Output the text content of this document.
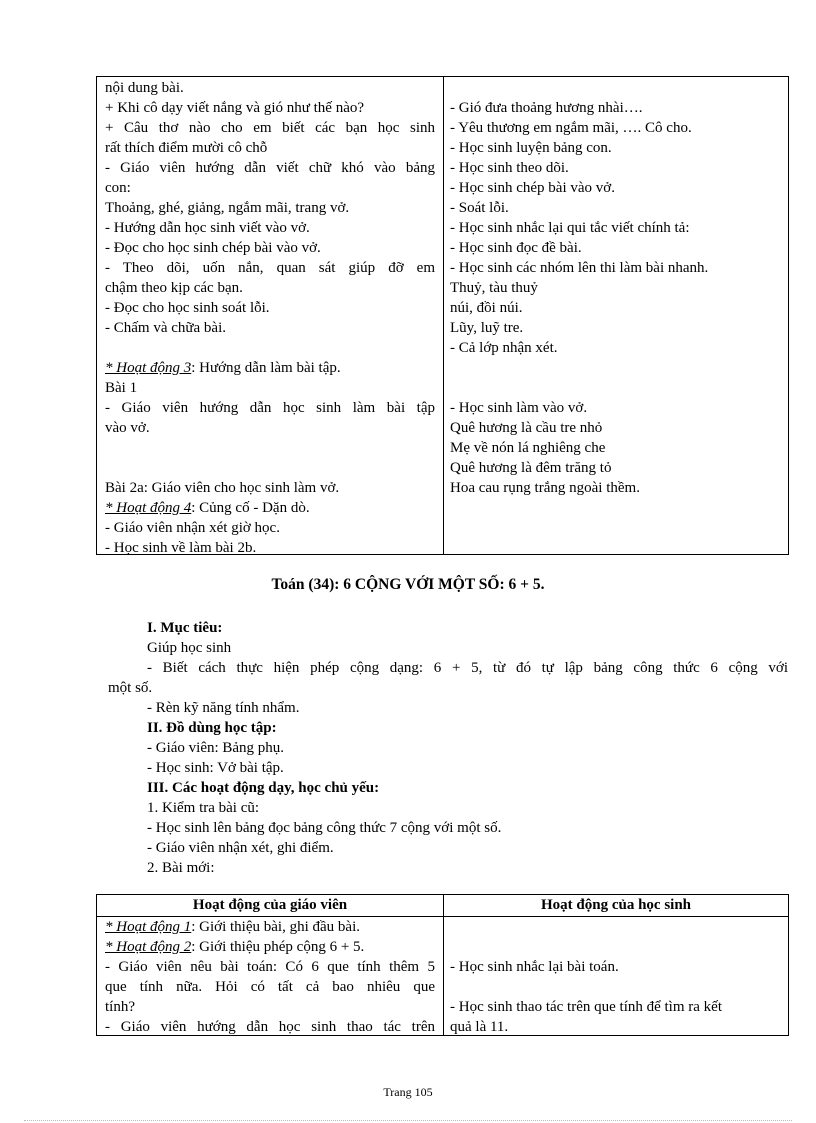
nội dung bài.
+ Khi cô dạy viết nắng và gió như thế nào?
+ Câu thơ nào cho em biết các bạn học sinh
rất thích điểm mười cô chỗ
- Giáo viên hướng dẫn viết chữ khó vào bảng
con:
Thoảng, ghé, giảng, ngắm mãi, trang vở.
- Hướng dẫn học sinh viết vào vở.
- Đọc cho học sinh chép bài vào vở.
- Theo dõi, uốn nắn, quan sát giúp đỡ em
chậm theo kịp các bạn.
- Đọc cho học sinh soát lỗi.
- Chấm và chữa bài.
* Hoạt động 3: Hướng dẫn làm bài tập.
Bài 1
- Giáo viên hướng dẫn học sinh làm bài tập
vào vở.
Bài 2a: Giáo viên cho học sinh làm vở.
* Hoạt động 4: Củng cố - Dặn dò.
- Giáo viên nhận xét giờ học.
- Học sinh về làm bài 2b.
- Gió đưa thoảng hương nhài….
- Yêu thương em ngắm mãi, …. Cô cho.
- Học sinh luyện bảng con.
- Học sinh theo dõi.
- Học sinh chép bài vào vở.
- Soát lỗi.
- Học sinh nhắc lại qui tắc viết chính tả:
- Học sinh đọc đề bài.
- Học sinh các nhóm lên thi làm bài nhanh.
Thuỷ, tàu thuỷ
núi, đồi núi.
Lũy, luỹ tre.
- Cả lớp nhận xét.
- Học sinh làm vào vở.
Quê hương là cầu tre nhỏ
Mẹ về nón lá nghiêng che
Quê hương là đêm trăng tỏ
Hoa cau rụng trắng ngoài thềm.
Toán (34): 6 CỘNG VỚI MỘT SỐ: 6 + 5.
I. Mục tiêu:
Giúp học sinh
- Biết cách thực hiện phép cộng dạng: 6 + 5, từ đó tự lập bảng công thức 6 cộng với
một số.
- Rèn kỹ năng tính nhẩm.
II. Đồ dùng học tập:
- Giáo viên: Bảng phụ.
- Học sinh: Vở bài tập.
III. Các hoạt động dạy, học chủ yếu:
1. Kiểm tra bài cũ:
- Học sinh lên bảng đọc bảng công thức 7 cộng với một số.
- Giáo viên nhận xét, ghi điểm.
2. Bài mới:
Hoạt động của giáo viên	Hoạt động của học sinh
* Hoạt động 1: Giới thiệu bài, ghi đầu bài.
* Hoạt động 2: Giới thiệu phép cộng 6 + 5.
- Giáo viên nêu bài toán: Có 6 que tính thêm 5
que tính nữa. Hỏi có tất cả bao nhiêu que
tính?
- Giáo viên hướng dẫn học sinh thao tác trên
- Học sinh nhắc lại bài toán.
- Học sinh thao tác trên que tính để tìm ra kết
quả là 11.
Trang 105
